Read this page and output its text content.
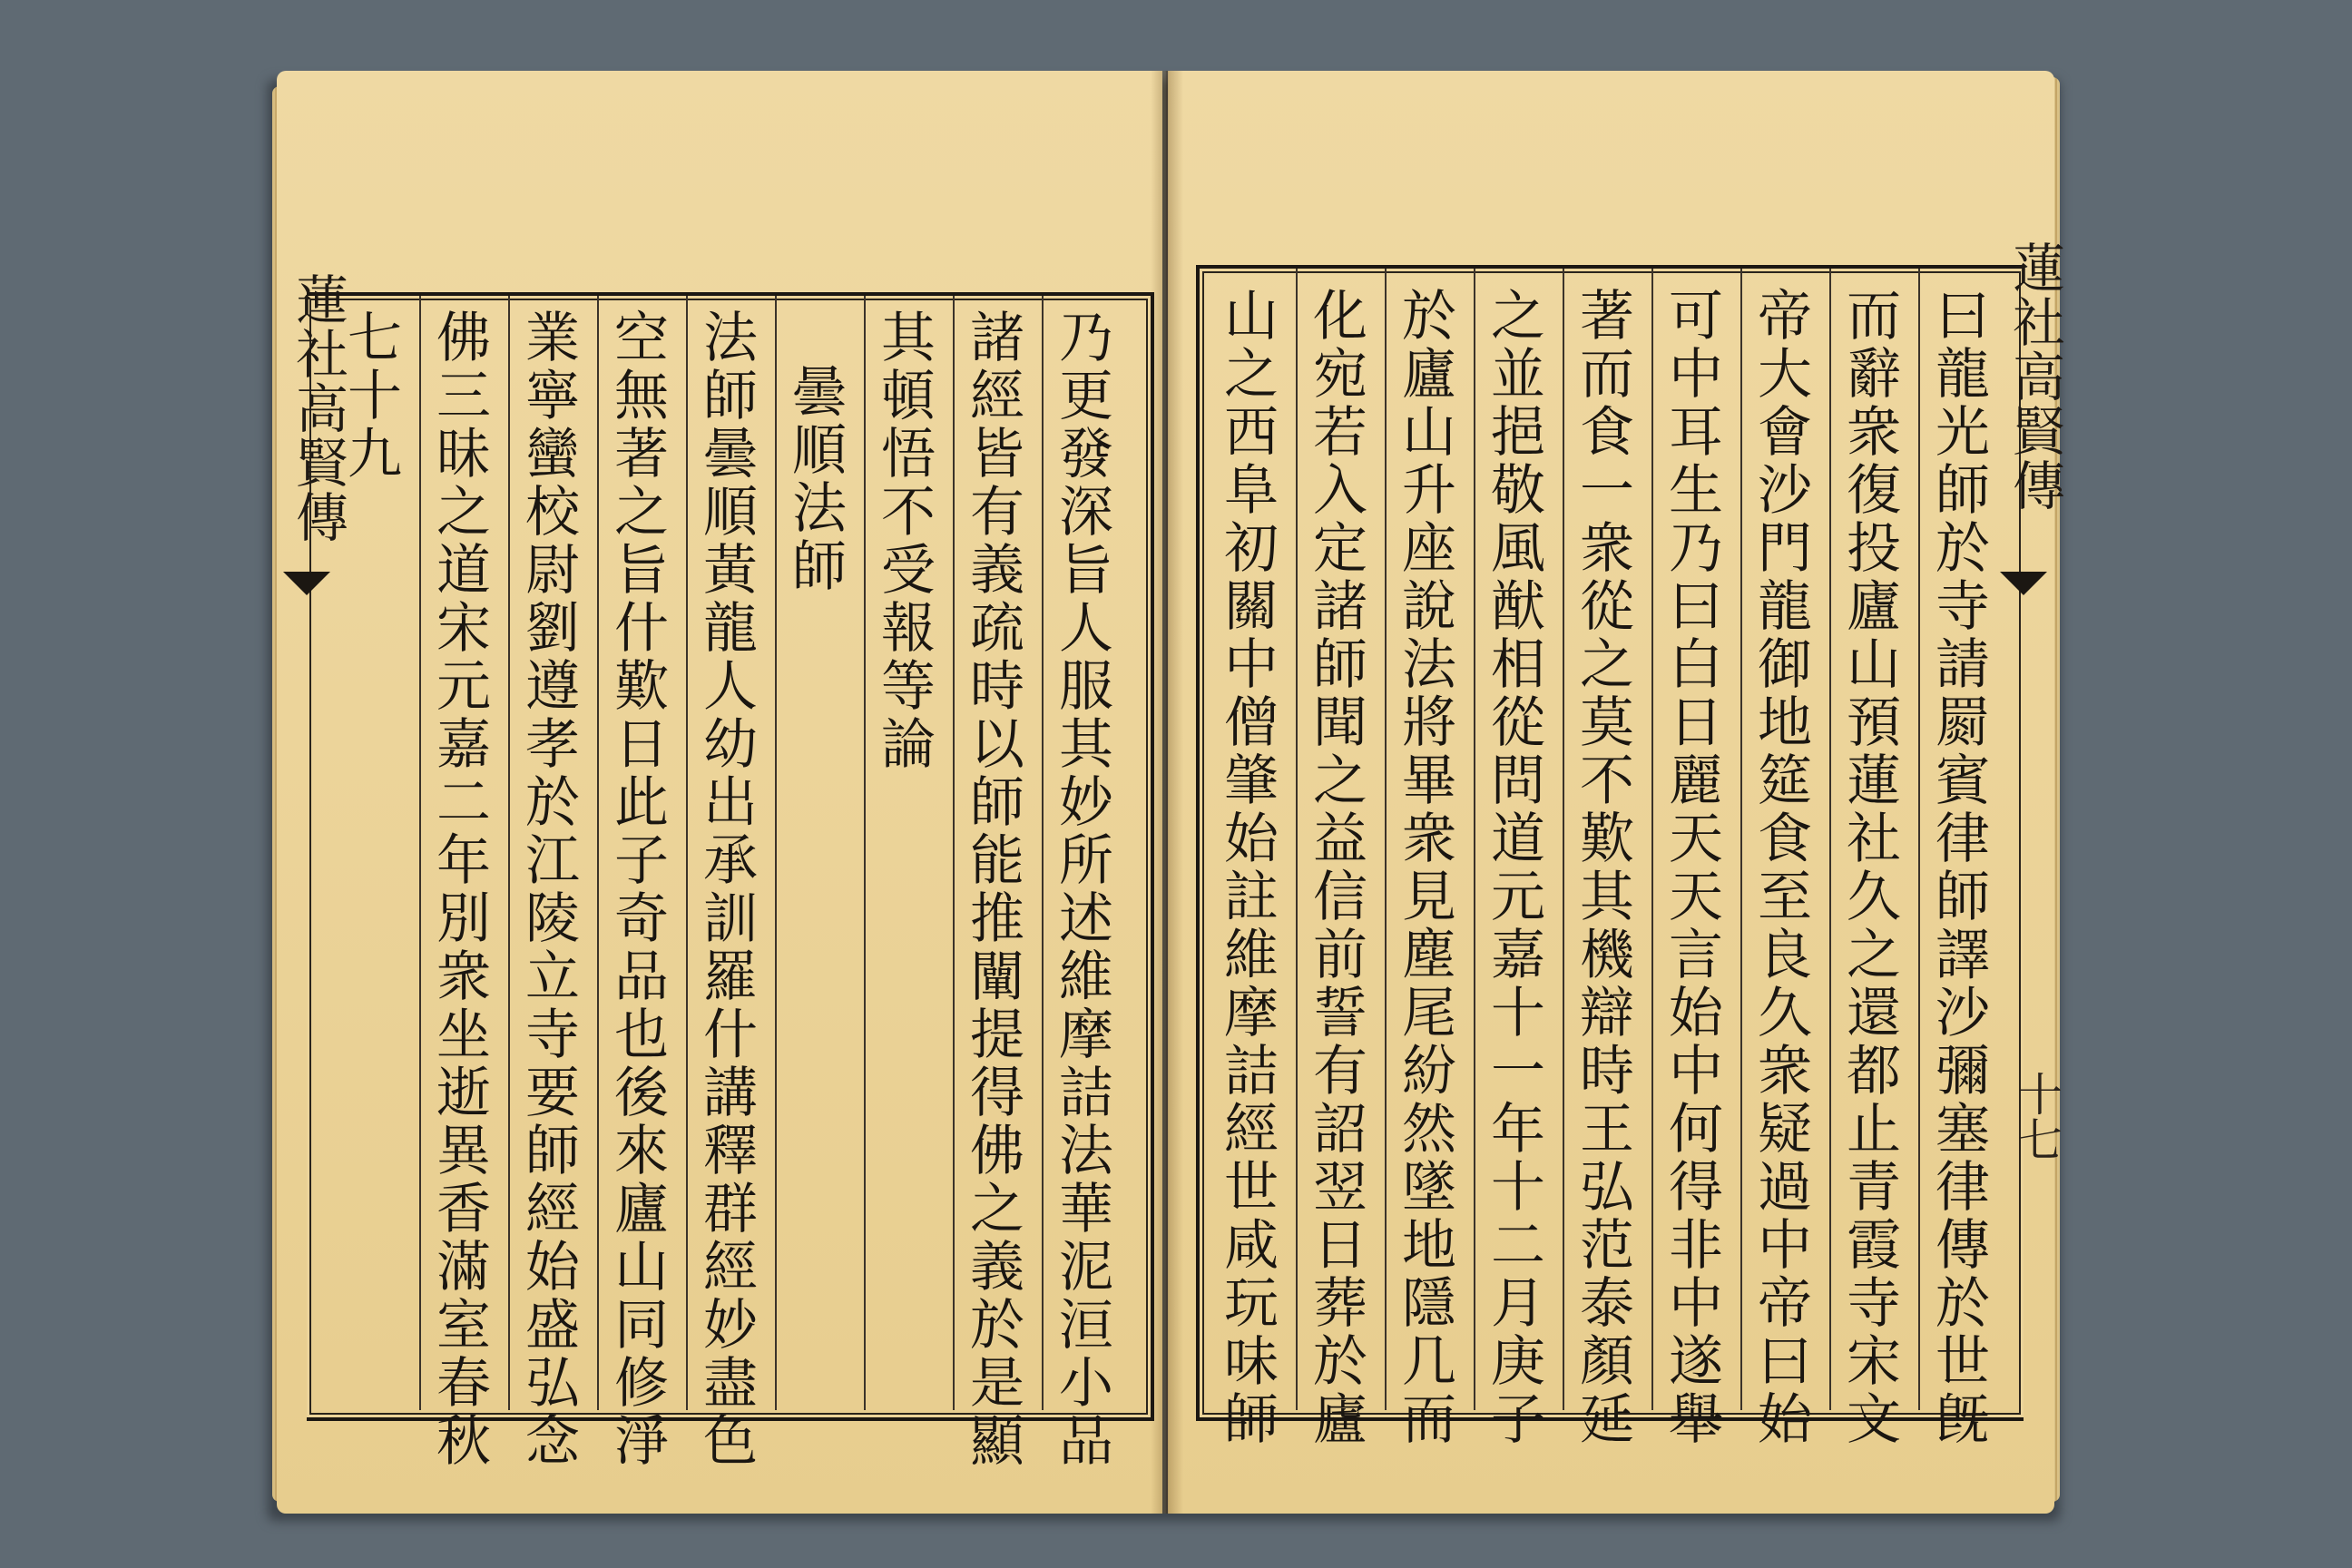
蓮社高賢傳	乃更發深旨人服其妙所述維摩詰法華泥洹小品
諸經皆有義疏時以師能推闡提得佛之義於是顯
其頓悟不受報等論
曇順法師
法師曇順黃龍人幼出承訓羅什講釋群經妙盡色
空無著之旨什歎日此子奇品也後來廬山同修淨
業寧蠻校尉劉遵孝於江陵立寺要師經始盛弘念
佛三昧之道宋元嘉二年別衆坐逝異香滿室春秋
七十九	蓮社高賢傳
十七
曰龍光師於寺請罽賓律師譯沙彌塞律傳於世旣
而辭衆復投廬山預蓮社久之還都止青霞寺宋文
帝大會沙門龍御地筵食至良久衆疑過中帝曰始
可中耳生乃曰白日麗天天言始中何得非中遂舉
著而食一衆從之莫不歎其機辯時王弘范泰顏延
之並挹敬風猷相從問道元嘉十一年十二月庚子
於廬山升座說法將畢衆見塵尾紛然墜地隱几而
化宛若入定諸師聞之益信前誓有詔翌日葬於廬
山之西阜初關中僧肇始註維摩詰經世咸玩味師
